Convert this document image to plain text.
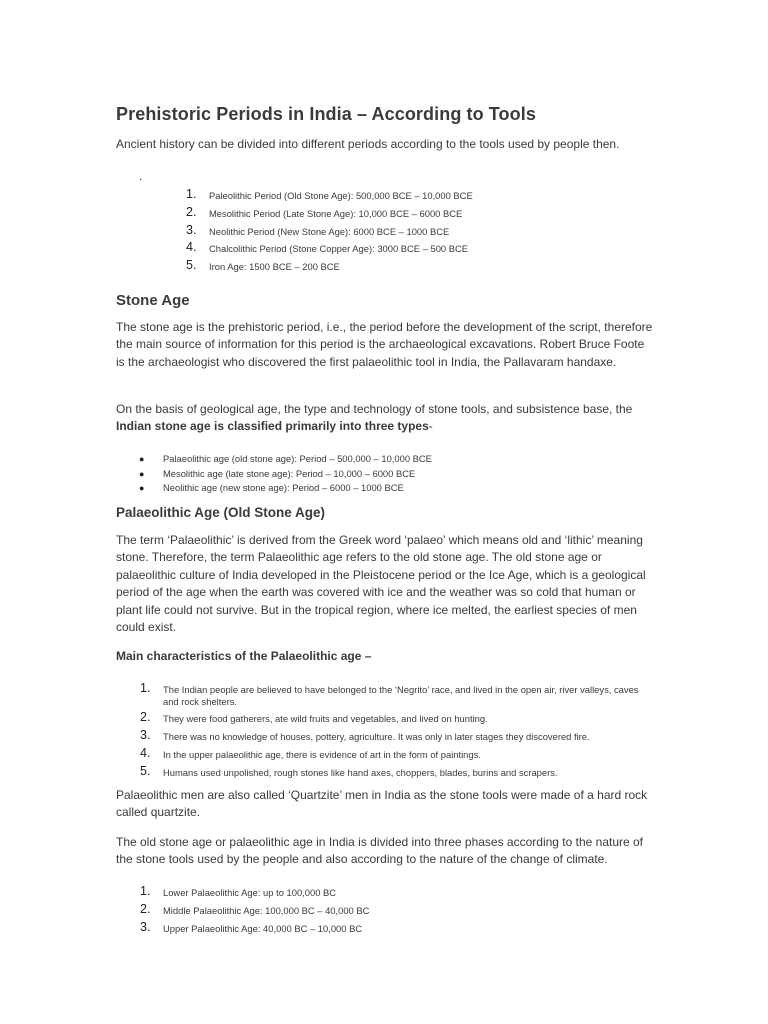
Prehistoric Periods in India – According to Tools

Ancient history can be divided into different periods according to the tools used by people then.

.
1. Paleolithic Period (Old Stone Age): 500,000 BCE – 10,000 BCE
2. Mesolithic Period (Late Stone Age): 10,000 BCE – 6000 BCE
3. Neolithic Period (New Stone Age): 6000 BCE – 1000 BCE
4. Chalcolithic Period (Stone Copper Age): 3000 BCE – 500 BCE
5. Iron Age: 1500 BCE – 200 BCE
Stone Age

The stone age is the prehistoric period, i.e., the period before the development of the script, therefore the main source of information for this period is the archaeological excavations. Robert Bruce Foote is the archaeologist who discovered the first palaeolithic tool in India, the Pallavaram handaxe.

On the basis of geological age, the type and technology of stone tools, and subsistence base, the Indian stone age is classified primarily into three types-

● Palaeolithic age (old stone age): Period – 500,000 – 10,000 BCE
● Mesolithic age (late stone age): Period – 10,000 – 6000 BCE
● Neolithic age (new stone age): Period – 6000 – 1000 BCE
Palaeolithic Age (Old Stone Age)

The term ‘Palaeolithic’ is derived from the Greek word ‘palaeo’ which means old and ‘lithic’ meaning stone. Therefore, the term Palaeolithic age refers to the old stone age. The old stone age or palaeolithic culture of India developed in the Pleistocene period or the Ice Age, which is a geological period of the age when the earth was covered with ice and the weather was so cold that human or plant life could not survive. But in the tropical region, where ice melted, the earliest species of men could exist.

Main characteristics of the Palaeolithic age –

1. The Indian people are believed to have belonged to the ‘Negrito’ race, and lived in the open air, river valleys, caves and rock shelters.
2. They were food gatherers, ate wild fruits and vegetables, and lived on hunting.
3. There was no knowledge of houses, pottery, agriculture. It was only in later stages they discovered fire.
4. In the upper palaeolithic age, there is evidence of art in the form of paintings.
5. Humans used unpolished, rough stones like hand axes, choppers, blades, burins and scrapers.

Palaeolithic men are also called ‘Quartzite’ men in India as the stone tools were made of a hard rock called quartzite.

The old stone age or palaeolithic age in India is divided into three phases according to the nature of the stone tools used by the people and also according to the nature of the change of climate.

1. Lower Palaeolithic Age: up to 100,000 BC
2. Middle Palaeolithic Age: 100,000 BC – 40,000 BC
3. Upper Palaeolithic Age: 40,000 BC – 10,000 BC
